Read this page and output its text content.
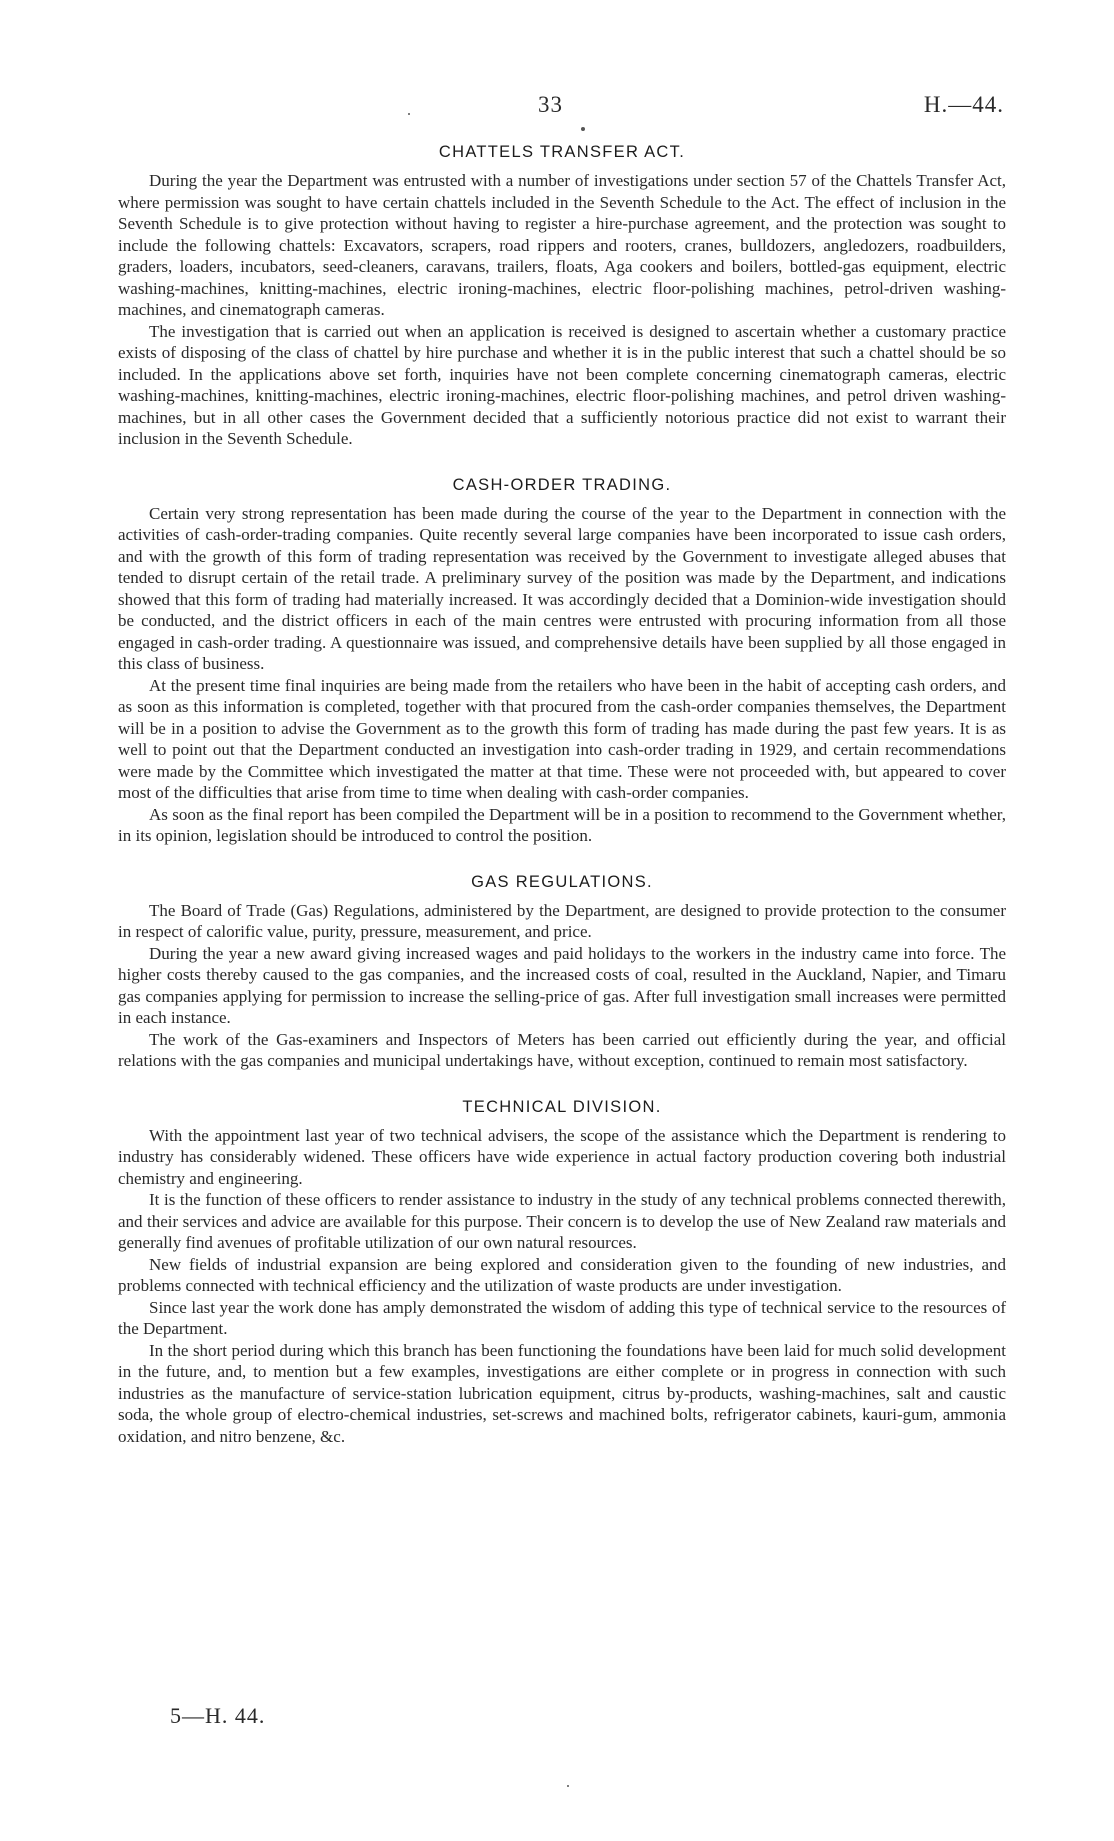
33	H.—44.
CHATTELS TRANSFER ACT.

During the year the Department was entrusted with a number of investigations under section 57 of the Chattels Transfer Act, where permission was sought to have certain chattels included in the Seventh Schedule to the Act. The effect of inclusion in the Seventh Schedule is to give protection without having to register a hire-purchase agreement, and the protection was sought to include the following chattels: Excavators, scrapers, road rippers and rooters, cranes, bulldozers, angledozers, roadbuilders, graders, loaders, incubators, seed-cleaners, caravans, trailers, floats, Aga cookers and boilers, bottled-gas equipment, electric washing-machines, knitting-machines, electric ironing-machines, electric floor-polishing machines, petrol-driven washing-machines, and cinematograph cameras.

The investigation that is carried out when an application is received is designed to ascertain whether a customary practice exists of disposing of the class of chattel by hire purchase and whether it is in the public interest that such a chattel should be so included. In the applications above set forth, inquiries have not been complete concerning cinematograph cameras, electric washing-machines, knitting-machines, electric ironing-machines, electric floor-polishing machines, and petrol driven washing-machines, but in all other cases the Government decided that a sufficiently notorious practice did not exist to warrant their inclusion in the Seventh Schedule.

CASH-ORDER TRADING.

Certain very strong representation has been made during the course of the year to the Department in connection with the activities of cash-order-trading companies. Quite recently several large companies have been incorporated to issue cash orders, and with the growth of this form of trading representation was received by the Government to investigate alleged abuses that tended to disrupt certain of the retail trade. A preliminary survey of the position was made by the Department, and indications showed that this form of trading had materially increased. It was accordingly decided that a Dominion-wide investigation should be conducted, and the district officers in each of the main centres were entrusted with procuring information from all those engaged in cash-order trading. A questionnaire was issued, and comprehensive details have been supplied by all those engaged in this class of business.

At the present time final inquiries are being made from the retailers who have been in the habit of accepting cash orders, and as soon as this information is completed, together with that procured from the cash-order companies themselves, the Department will be in a position to advise the Government as to the growth this form of trading has made during the past few years. It is as well to point out that the Department conducted an investigation into cash-order trading in 1929, and certain recommendations were made by the Committee which investigated the matter at that time. These were not proceeded with, but appeared to cover most of the difficulties that arise from time to time when dealing with cash-order companies.

As soon as the final report has been compiled the Department will be in a position to recommend to the Government whether, in its opinion, legislation should be introduced to control the position.

GAS REGULATIONS.

The Board of Trade (Gas) Regulations, administered by the Department, are designed to provide protection to the consumer in respect of calorific value, purity, pressure, measurement, and price.

During the year a new award giving increased wages and paid holidays to the workers in the industry came into force. The higher costs thereby caused to the gas companies, and the increased costs of coal, resulted in the Auckland, Napier, and Timaru gas companies applying for permission to increase the selling-price of gas. After full investigation small increases were permitted in each instance.

The work of the Gas-examiners and Inspectors of Meters has been carried out efficiently during the year, and official relations with the gas companies and municipal undertakings have, without exception, continued to remain most satisfactory.

TECHNICAL DIVISION.

With the appointment last year of two technical advisers, the scope of the assistance which the Department is rendering to industry has considerably widened. These officers have wide experience in actual factory production covering both industrial chemistry and engineering.

It is the function of these officers to render assistance to industry in the study of any technical problems connected therewith, and their services and advice are available for this purpose. Their concern is to develop the use of New Zealand raw materials and generally find avenues of profitable utilization of our own natural resources.

New fields of industrial expansion are being explored and consideration given to the founding of new industries, and problems connected with technical efficiency and the utilization of waste products are under investigation.

Since last year the work done has amply demonstrated the wisdom of adding this type of technical service to the resources of the Department.

In the short period during which this branch has been functioning the foundations have been laid for much solid development in the future, and, to mention but a few examples, investigations are either complete or in progress in connection with such industries as the manufacture of service-station lubrication equipment, citrus by-products, washing-machines, salt and caustic soda, the whole group of electro-chemical industries, set-screws and machined bolts, refrigerator cabinets, kauri-gum, ammonia oxidation, and nitro benzene, &c.

5—H. 44.
